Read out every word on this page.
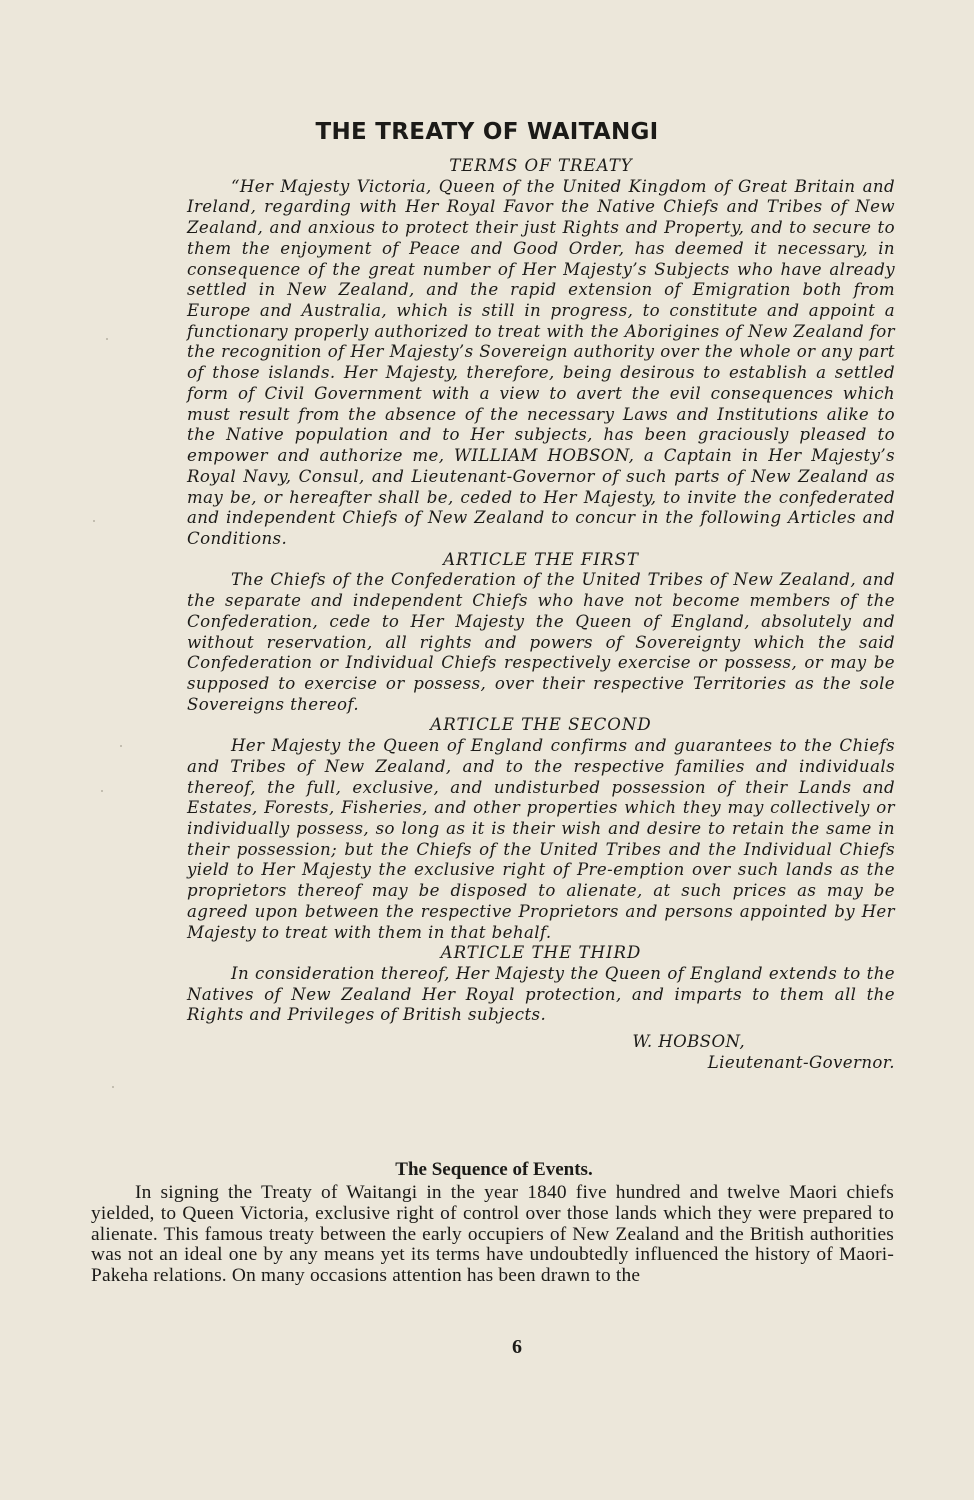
THE TREATY OF WAITANGI

TERMS OF TREATY

“Her Majesty Victoria, Queen of the United Kingdom of Great Britain and Ireland, regarding with Her Royal Favor the Native Chiefs and Tribes of New Zealand, and anxious to protect their just Rights and Property, and to secure to them the enjoyment of Peace and Good Order, has deemed it necessary, in consequence of the great number of Her Majesty’s Subjects who have already settled in New Zealand, and the rapid extension of Emigration both from Europe and Australia, which is still in progress, to constitute and appoint a functionary properly authorized to treat with the Aborigines of New Zealand for the recognition of Her Majesty’s Sovereign authority over the whole or any part of those islands. Her Majesty, therefore, being desirous to establish a settled form of Civil Government with a view to avert the evil consequences which must result from the absence of the necessary Laws and Institutions alike to the Native population and to Her subjects, has been graciously pleased to empower and authorize me, WILLIAM HOBSON, a Captain in Her Majesty’s Royal Navy, Consul, and Lieutenant-Governor of such parts of New Zealand as may be, or hereafter shall be, ceded to Her Majesty, to invite the confederated and independent Chiefs of New Zealand to concur in the following Articles and Conditions.

ARTICLE THE FIRST

The Chiefs of the Confederation of the United Tribes of New Zealand, and the separate and independent Chiefs who have not become members of the Confederation, cede to Her Majesty the Queen of England, absolutely and without reservation, all rights and powers of Sovereignty which the said Confederation or Individual Chiefs respectively exercise or possess, or may be supposed to exercise or possess, over their respective Territories as the sole Sovereigns thereof.

ARTICLE THE SECOND

Her Majesty the Queen of England confirms and guarantees to the Chiefs and Tribes of New Zealand, and to the respective families and individuals thereof, the full, exclusive, and undisturbed possession of their Lands and Estates, Forests, Fisheries, and other properties which they may collectively or individually possess, so long as it is their wish and desire to retain the same in their possession; but the Chiefs of the United Tribes and the Individual Chiefs yield to Her Majesty the exclusive right of Pre-emption over such lands as the proprietors thereof may be disposed to alienate, at such prices as may be agreed upon between the respective Proprietors and persons appointed by Her Majesty to treat with them in that behalf.

ARTICLE THE THIRD

In consideration thereof, Her Majesty the Queen of England extends to the Natives of New Zealand Her Royal protection, and imparts to them all the Rights and Privileges of British subjects.

W. HOBSON,

Lieutenant-Governor.

The Sequence of Events.

In signing the Treaty of Waitangi in the year 1840 five hundred and twelve Maori chiefs yielded, to Queen Victoria, exclusive right of control over those lands which they were prepared to alienate. This famous treaty between the early occupiers of New Zealand and the British authorities was not an ideal one by any means yet its terms have undoubtedly influenced the history of Maori-Pakeha relations. On many occasions attention has been drawn to the

6
